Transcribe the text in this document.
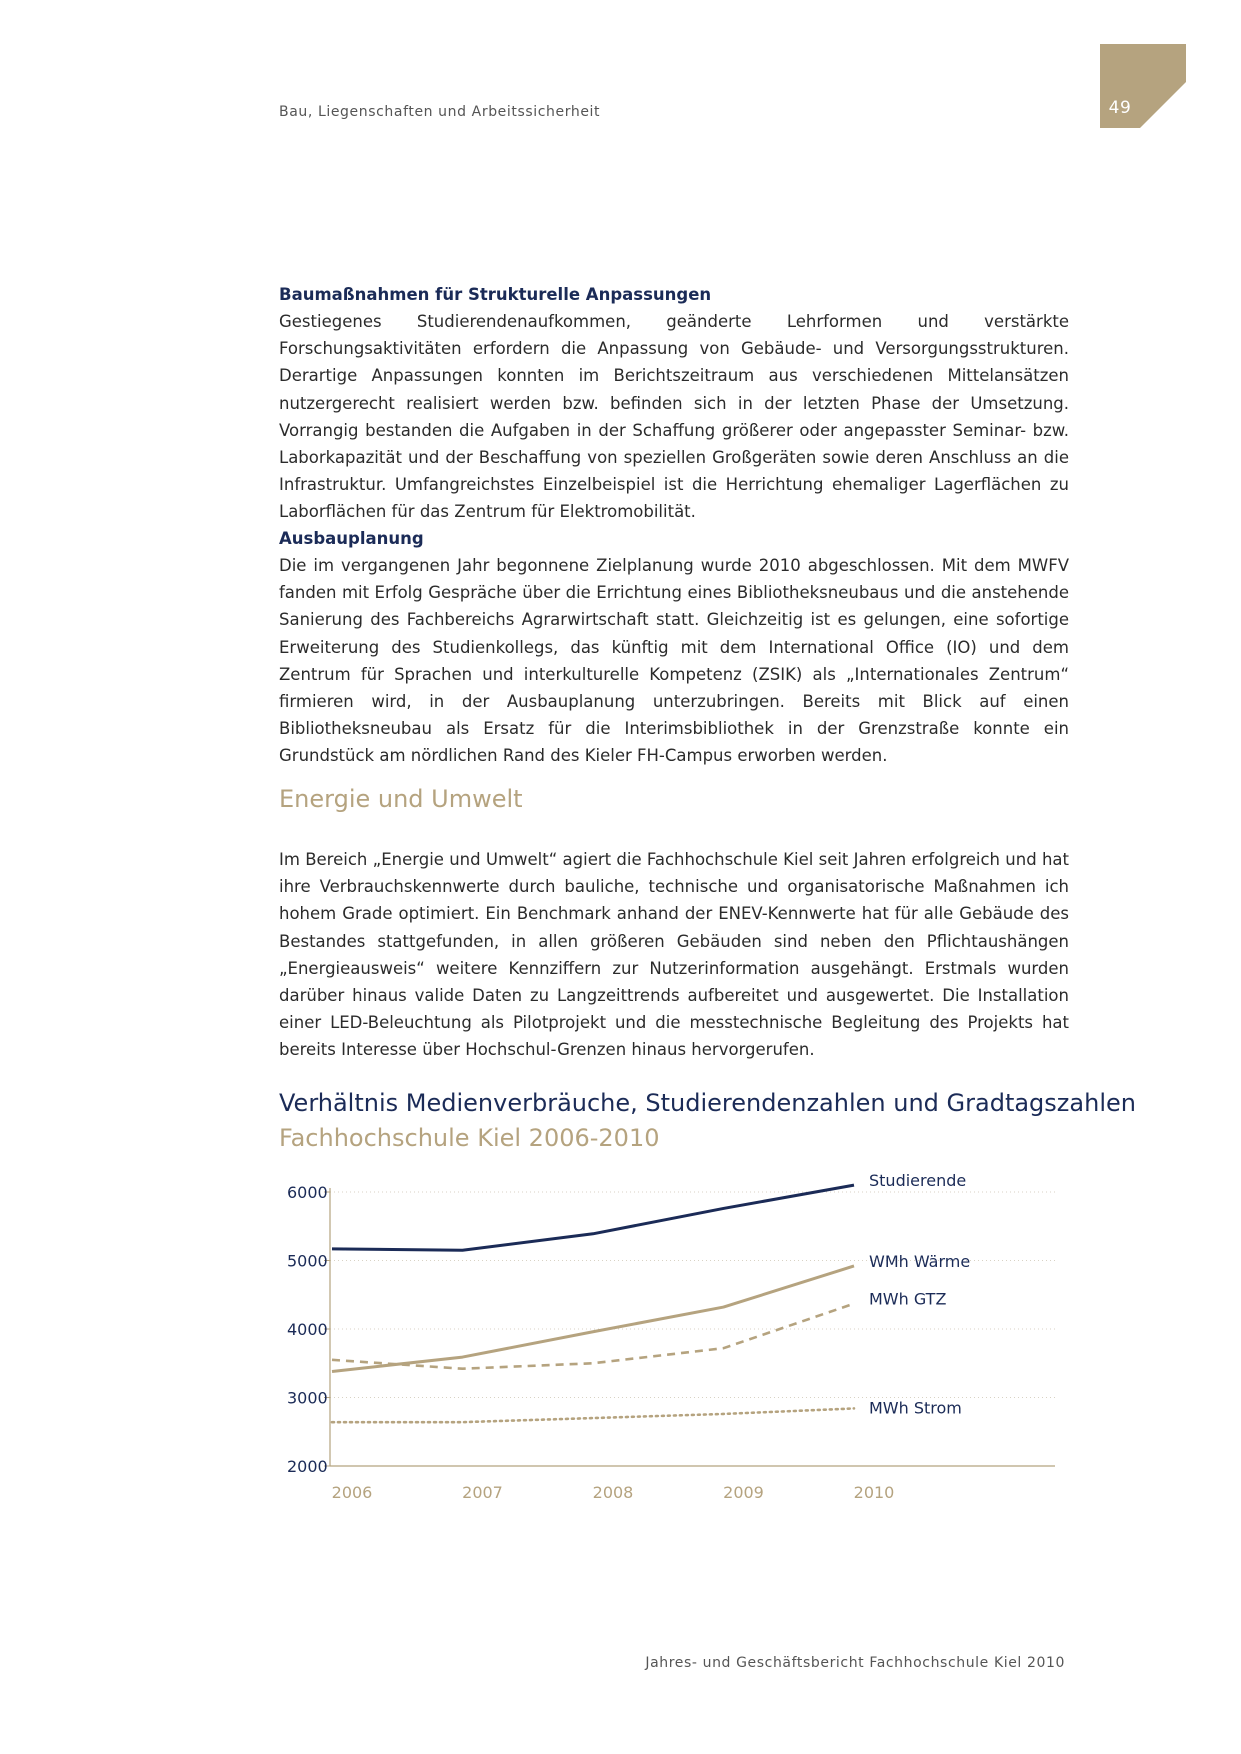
Bau, Liegenschaften und Arbeitssicherheit	49
Baumaßnahmen für Strukturelle Anpassungen
Gestiegenes Studierendenaufkommen, geänderte Lehrformen und verstärkte Forschungsaktivitäten erfordern die Anpassung von Gebäude- und Versorgungsstrukturen. Derartige Anpassungen konnten im Berichtszeitraum aus verschiedenen Mittelansätzen nutzergerecht realisiert werden bzw. befinden sich in der letzten Phase der Umsetzung. Vorrangig bestanden die Aufgaben in der Schaffung größerer oder angepasster Seminar- bzw. Laborkapazität und der Beschaffung von speziellen Großgeräten sowie deren Anschluss an die Infrastruktur. Umfangreichstes Einzelbeispiel ist die Herrichtung ehemaliger Lagerflächen zu Laborflächen für das Zentrum für Elektromobilität.
Ausbauplanung
Die im vergangenen Jahr begonnene Zielplanung wurde 2010 abgeschlossen. Mit dem MWFV fanden mit Erfolg Gespräche über die Errichtung eines Bibliotheksneubaus und die anstehende Sanierung des Fachbereichs Agrarwirtschaft statt. Gleichzeitig ist es gelungen, eine sofortige Erweiterung des Studienkollegs, das künftig mit dem International Office (IO) und dem Zentrum für Sprachen und interkulturelle Kompetenz (ZSIK) als „Internationales Zentrum“ firmieren wird, in der Ausbauplanung unterzubringen. Bereits mit Blick auf einen Bibliotheksneubau als Ersatz für die Interimsbibliothek in der Grenzstraße konnte ein Grundstück am nördlichen Rand des Kieler FH-Campus erworben werden.
Energie und Umwelt
Im Bereich „Energie und Umwelt“ agiert die Fachhochschule Kiel seit Jahren erfolgreich und hat ihre Verbrauchskennwerte durch bauliche, technische und organisatorische Maßnahmen ich hohem Grade optimiert. Ein Benchmark anhand der ENEV-Kennwerte hat für alle Gebäude des Bestandes stattgefunden, in allen größeren Gebäuden sind neben den Pflichtaushängen „Energieausweis“ weitere Kennziffern zur Nutzerinformation ausgehängt. Erstmals wurden darüber hinaus valide Daten zu Langzeittrends aufbereitet und ausgewertet. Die Installation einer LED-Beleuchtung als Pilotprojekt und die messtechnische Begleitung des Projekts hat bereits Interesse über Hochschul-Grenzen hinaus hervorgerufen.
Verhältnis Medienverbräuche, Studierendenzahlen und Gradtagszahlen
Fachhochschule Kiel 2006-2010
2000
3000
4000
5000
6000
2006	2007	2008	2009	2010
Studierende
WMh Wärme
MWh GTZ
MWh Strom
Jahres- und Geschäftsbericht Fachhochschule Kiel 2010
